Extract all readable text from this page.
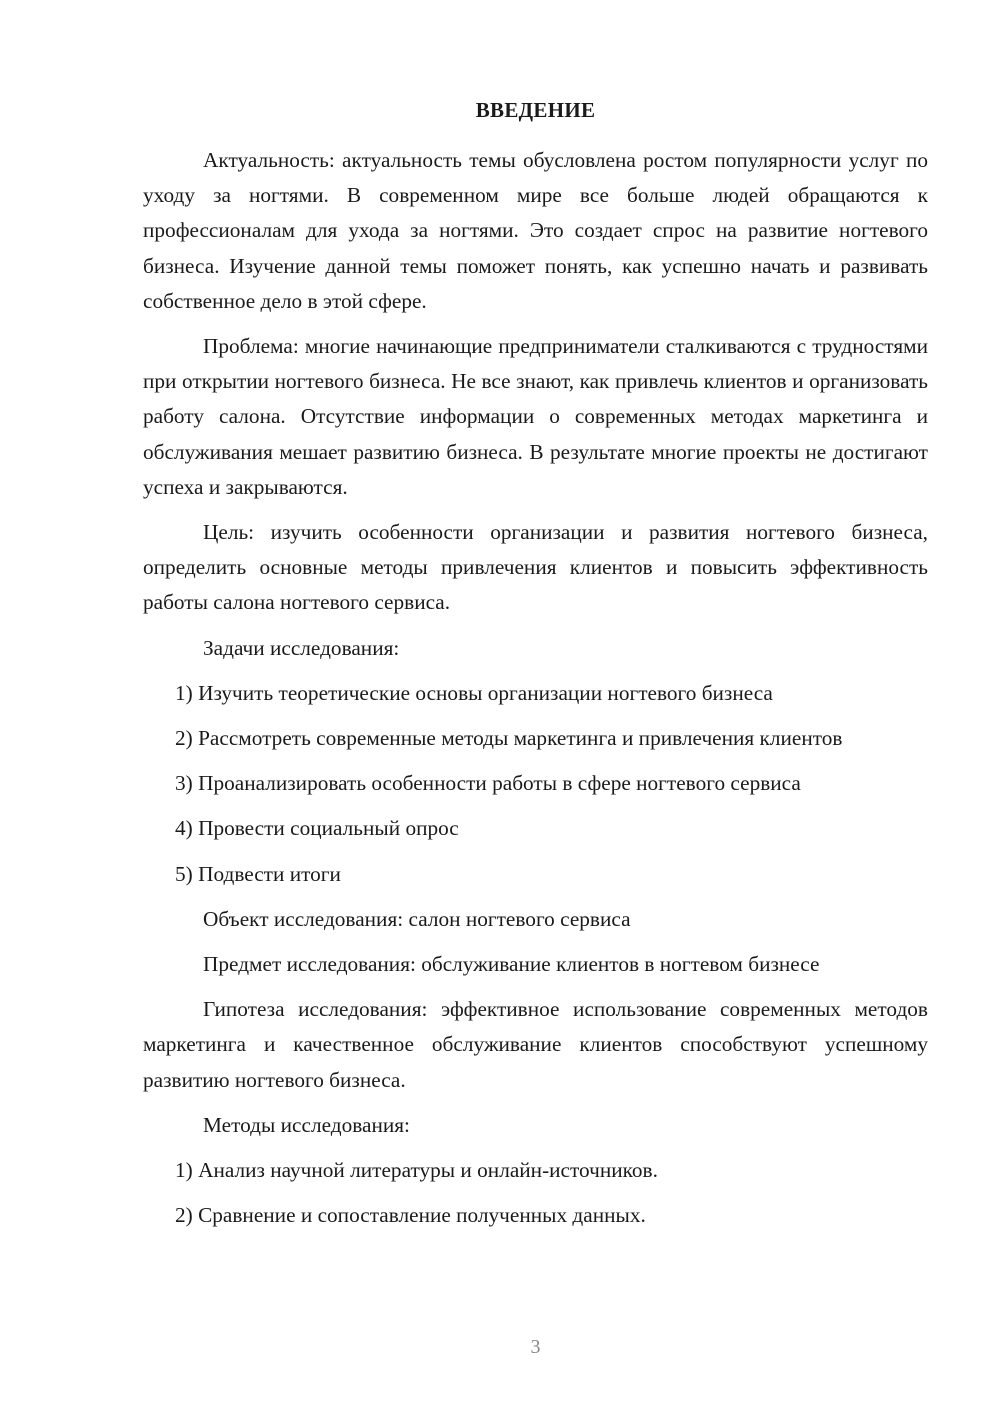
ВВЕДЕНИЕ

Актуальность: актуальность темы обусловлена ростом популярности услуг по уходу за ногтями. В современном мире все больше людей обращаются к профессионалам для ухода за ногтями. Это создает спрос на развитие ногтевого бизнеса. Изучение данной темы поможет понять, как успешно начать и развивать собственное дело в этой сфере.

Проблема: многие начинающие предприниматели сталкиваются с трудностями при открытии ногтевого бизнеса. Не все знают, как привлечь клиентов и организовать работу салона. Отсутствие информации о современных методах маркетинга и обслуживания мешает развитию бизнеса. В результате многие проекты не достигают успеха и закрываются.

Цель: изучить особенности организации и развития ногтевого бизнеса, определить основные методы привлечения клиентов и повысить эффективность работы салона ногтевого сервиса.

Задачи исследования:

1) Изучить теоретические основы организации ногтевого бизнеса

2) Рассмотреть современные методы маркетинга и привлечения клиентов

3) Проанализировать особенности работы в сфере ногтевого сервиса

4) Провести социальный опрос

5) Подвести итоги

Объект исследования: салон ногтевого сервиса

Предмет исследования: обслуживание клиентов в ногтевом бизнесе

Гипотеза исследования: эффективное использование современных методов маркетинга и качественное обслуживание клиентов способствуют успешному развитию ногтевого бизнеса.

Методы исследования:

1) Анализ научной литературы и онлайн-источников.

2) Сравнение и сопоставление полученных данных.

3
